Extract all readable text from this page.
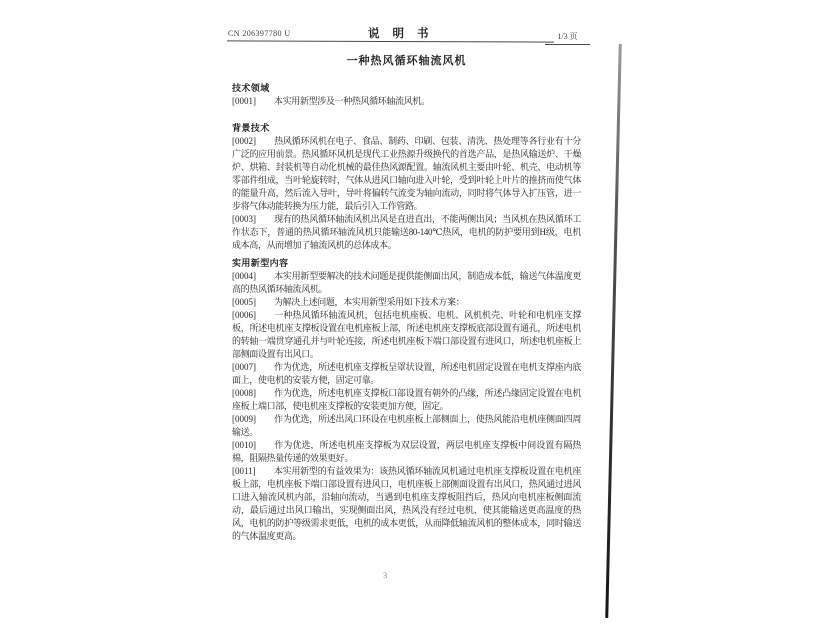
CN 206397780 U	说明书	1/3 页
一种热风循环轴流风机
技术领域

[0001] 本实用新型涉及一种热风循环轴流风机。

背景技术

[0002] 热风循环风机在电子、食品、制药、印刷、包装、清洗、热处理等各行业有十分广泛的应用前景。热风循环风机是现代工业热源升级换代的首选产品，是热风输送炉、干燥炉、烘箱、封装机等自动化机械的最佳热风源配置。轴流风机主要由叶轮、机壳、电动机等零部件组成，当叶轮旋转时，气体从进风口轴向进入叶轮，受到叶轮上叶片的推挤而使气体的能量升高，然后流入导叶，导叶将偏转气流变为轴向流动，同时将气体导入扩压管，进一步将气体动能转换为压力能，最后引入工作管路。

[0003] 现有的热风循环轴流风机出风是直进直出，不能两侧出风；当风机在热风循环工作状态下，普通的热风循环轴流风机只能输送80-140℃热风，电机的防护要用到H级，电机成本高，从而增加了轴流风机的总体成本。

实用新型内容

[0004] 本实用新型要解决的技术问题是提供能侧面出风，制造成本低，输送气体温度更高的热风循环轴流风机。

[0005] 为解决上述问题，本实用新型采用如下技术方案：

[0006] 一种热风循环轴流风机，包括电机座板、电机、风机机壳、叶轮和电机座支撑板，所述电机座支撑板设置在电机座板上部，所述电机座支撑板底部设置有通孔，所述电机的转轴一端贯穿通孔并与叶轮连接，所述电机座板下端口部设置有进风口，所述电机座板上部侧面设置有出风口。

[0007] 作为优选，所述电机座支撑板呈罩状设置，所述电机固定设置在电机支撑座内底面上，使电机的安装方便，固定可靠。

[0008] 作为优选，所述电机座支撑板口部设置有朝外的凸缘，所述凸缘固定设置在电机座板上端口部，使电机座支撑板的安装更加方便，固定。

[0009] 作为优选，所述出风口环设在电机座板上部侧面上，使热风能沿电机座侧面四周输送。

[0010] 作为优选，所述电机座支撑板为双层设置，两层电机座支撑板中间设置有隔热棉，阻隔热量传递的效果更好。

[0011] 本实用新型的有益效果为：该热风循环轴流风机通过电机座支撑板设置在电机座板上部，电机座板下端口部设置有进风口，电机座板上部侧面设置有出风口，热风通过进风口进入轴流风机内部，沿轴向流动，当遇到电机座支撑板阻挡后，热风向电机座板侧面流动，最后通过出风口输出，实现侧面出风，热风没有经过电机，使其能输送更高温度的热风，电机的防护等级需求更低，电机的成本更低，从而降低轴流风机的整体成本，同时输送的气体温度更高。

3
